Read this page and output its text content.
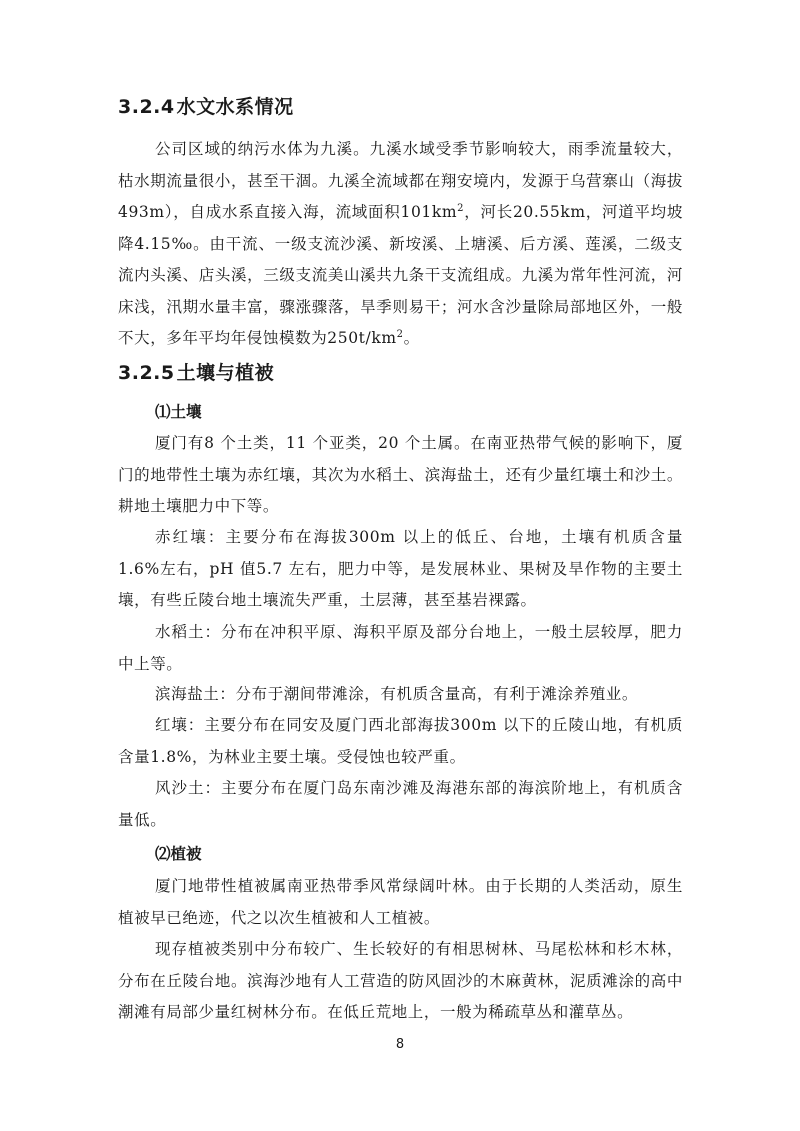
3.2.4 水文水系情况

公司区域的纳污水体为九溪。九溪水域受季节影响较大，雨季流量较大，枯水期流量很小，甚至干涸。九溪全流域都在翔安境内，发源于乌营寨山（海拔493m），自成水系直接入海，流域面积$101km^2$，河长20.55km，河道平均坡降4.15‰。由干流、一级支流沙溪、新垵溪、上塘溪、后方溪、莲溪，二级支流内头溪、店头溪，三级支流美山溪共九条干支流组成。九溪为常年性河流，河床浅，汛期水量丰富，骤涨骤落，旱季则易干；河水含沙量除局部地区外，一般不大，多年平均年侵蚀模数为$250t/km^2$。

3.2.5 土壤与植被
⑴土壤

厦门有8 个土类，11 个亚类，20 个土属。在南亚热带气候的影响下，厦门的地带性土壤为赤红壤，其次为水稻土、滨海盐土，还有少量红壤土和沙土。耕地土壤肥力中下等。

赤红壤：主要分布在海拔300m 以上的低丘、台地，土壤有机质含量1.6%左右，pH 值5.7 左右，肥力中等，是发展林业、果树及旱作物的主要土壤，有些丘陵台地土壤流失严重，土层薄，甚至基岩裸露。

水稻土：分布在冲积平原、海积平原及部分台地上，一般土层较厚，肥力中上等。

滨海盐土：分布于潮间带滩涂，有机质含量高，有利于滩涂养殖业。

红壤：主要分布在同安及厦门西北部海拔300m 以下的丘陵山地，有机质含量1.8%，为林业主要土壤。受侵蚀也较严重。

风沙土：主要分布在厦门岛东南沙滩及海港东部的海滨阶地上，有机质含量低。

⑵植被

厦门地带性植被属南亚热带季风常绿阔叶林。由于长期的人类活动，原生植被早已绝迹，代之以次生植被和人工植被。

现存植被类别中分布较广、生长较好的有相思树林、马尾松林和杉木林，分布在丘陵台地。滨海沙地有人工营造的防风固沙的木麻黄林，泥质滩涂的高中潮滩有局部少量红树林分布。在低丘荒地上，一般为稀疏草丛和灌草丛。

8
